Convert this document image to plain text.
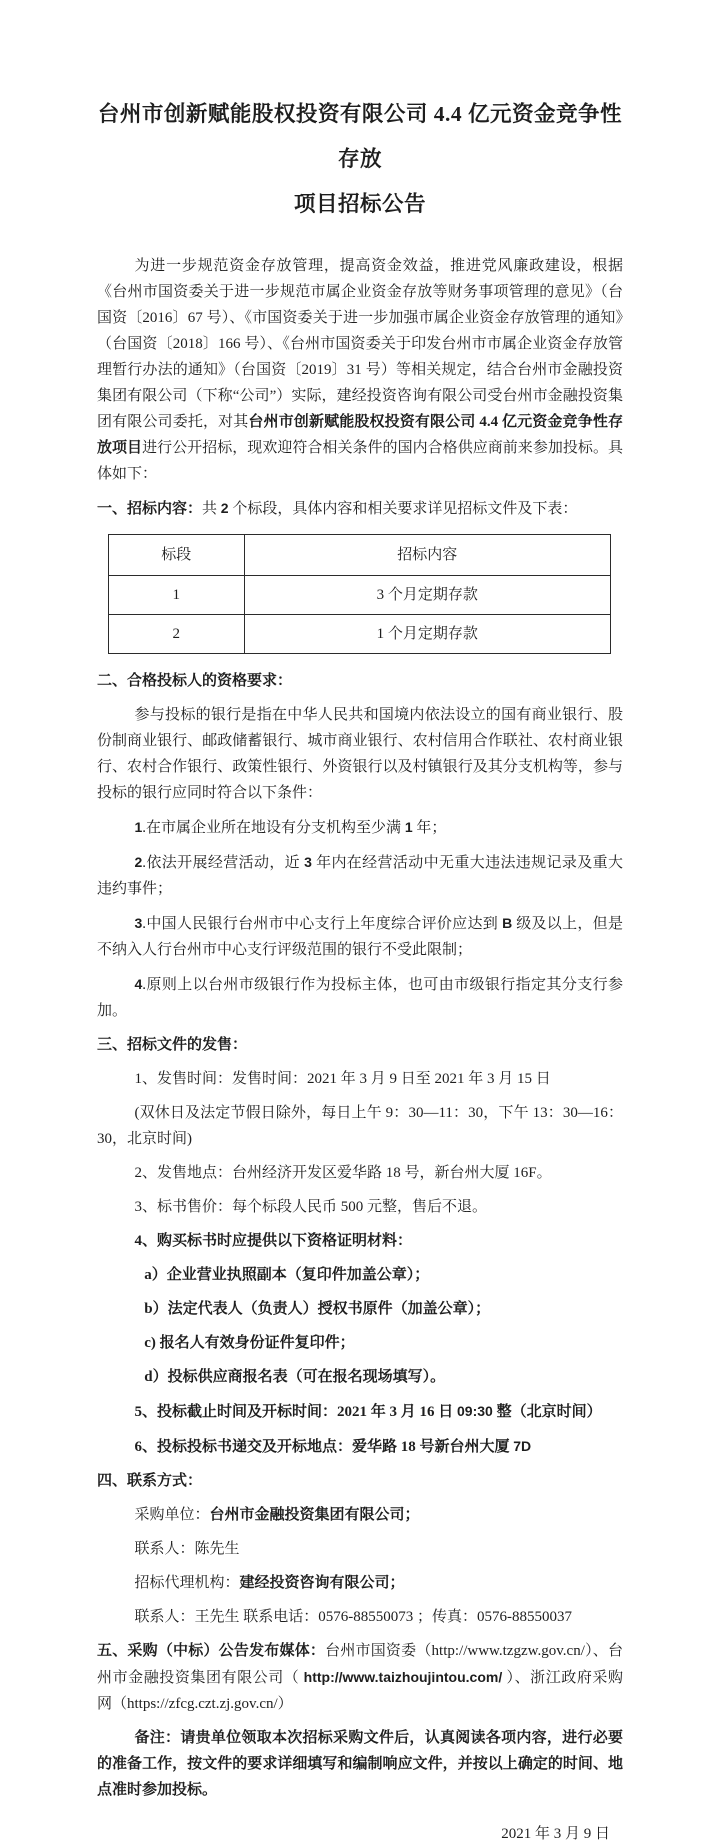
台州市创新赋能股权投资有限公司 4.4 亿元资金竞争性存放
项目招标公告

为进一步规范资金存放管理，提高资金效益，推进党风廉政建设，根据《台州市国资委关于进一步规范市属企业资金存放等财务事项管理的意见》（台国资〔2016〕67 号）、《市国资委关于进一步加强市属企业资金存放管理的通知》（台国资〔2018〕166 号）、《台州市国资委关于印发台州市市属企业资金存放管理暂行办法的通知》（台国资〔2019〕31 号）等相关规定，结合台州市金融投资集团有限公司（下称“公司”）实际，建经投资咨询有限公司受台州市金融投资集团有限公司委托，对其台州市创新赋能股权投资有限公司 4.4 亿元资金竞争性存放项目进行公开招标，现欢迎符合相关条件的国内合格供应商前来参加投标。具体如下：

一、招标内容：共 2 个标段，具体内容和相关要求详见招标文件及下表：

标段	招标内容
1	3 个月定期存款
2	1 个月定期存款

二、合格投标人的资格要求：

参与投标的银行是指在中华人民共和国境内依法设立的国有商业银行、股份制商业银行、邮政储蓄银行、城市商业银行、农村信用合作联社、农村商业银行、农村合作银行、政策性银行、外资银行以及村镇银行及其分支机构等，参与投标的银行应同时符合以下条件：

1.在市属企业所在地设有分支机构至少满 1 年；

2.依法开展经营活动，近 3 年内在经营活动中无重大违法违规记录及重大违约事件；

3.中国人民银行台州市中心支行上年度综合评价应达到 B 级及以上，但是不纳入人行台州市中心支行评级范围的银行不受此限制；

4.原则上以台州市级银行作为投标主体，也可由市级银行指定其分支行参加。

三、招标文件的发售：

1、发售时间：发售时间：2021 年 3 月 9 日至 2021 年 3 月 15 日

(双休日及法定节假日除外，每日上午 9：30—11：30，下午 13：30—16：30，北京时间)

2、发售地点：台州经济开发区爱华路 18 号，新台州大厦 16F。

3、标书售价：每个标段人民币 500 元整，售后不退。

4、购买标书时应提供以下资格证明材料：

a）企业营业执照副本（复印件加盖公章）；

b）法定代表人（负责人）授权书原件（加盖公章）；

c) 报名人有效身份证件复印件；

d）投标供应商报名表（可在报名现场填写）。

5、投标截止时间及开标时间：2021 年 3 月 16 日 09:30 整（北京时间）

6、投标投标书递交及开标地点：爱华路 18 号新台州大厦 7D

四、联系方式：

采购单位：台州市金融投资集团有限公司；

联系人：陈先生

招标代理机构：建经投资咨询有限公司；

联系人：王先生 联系电话：0576-88550073 ；传真：0576-88550037

五、采购（中标）公告发布媒体：台州市国资委（http://www.tzgzw.gov.cn/）、台州市金融投资集团有限公司（ http://www.taizhoujintou.com/ ）、浙江政府采购网（https://zfcg.czt.zj.gov.cn/）

备注：请贵单位领取本次招标采购文件后，认真阅读各项内容，进行必要的准备工作，按文件的要求详细填写和编制响应文件，并按以上确定的时间、地点准时参加投标。

2021 年 3 月 9 日
